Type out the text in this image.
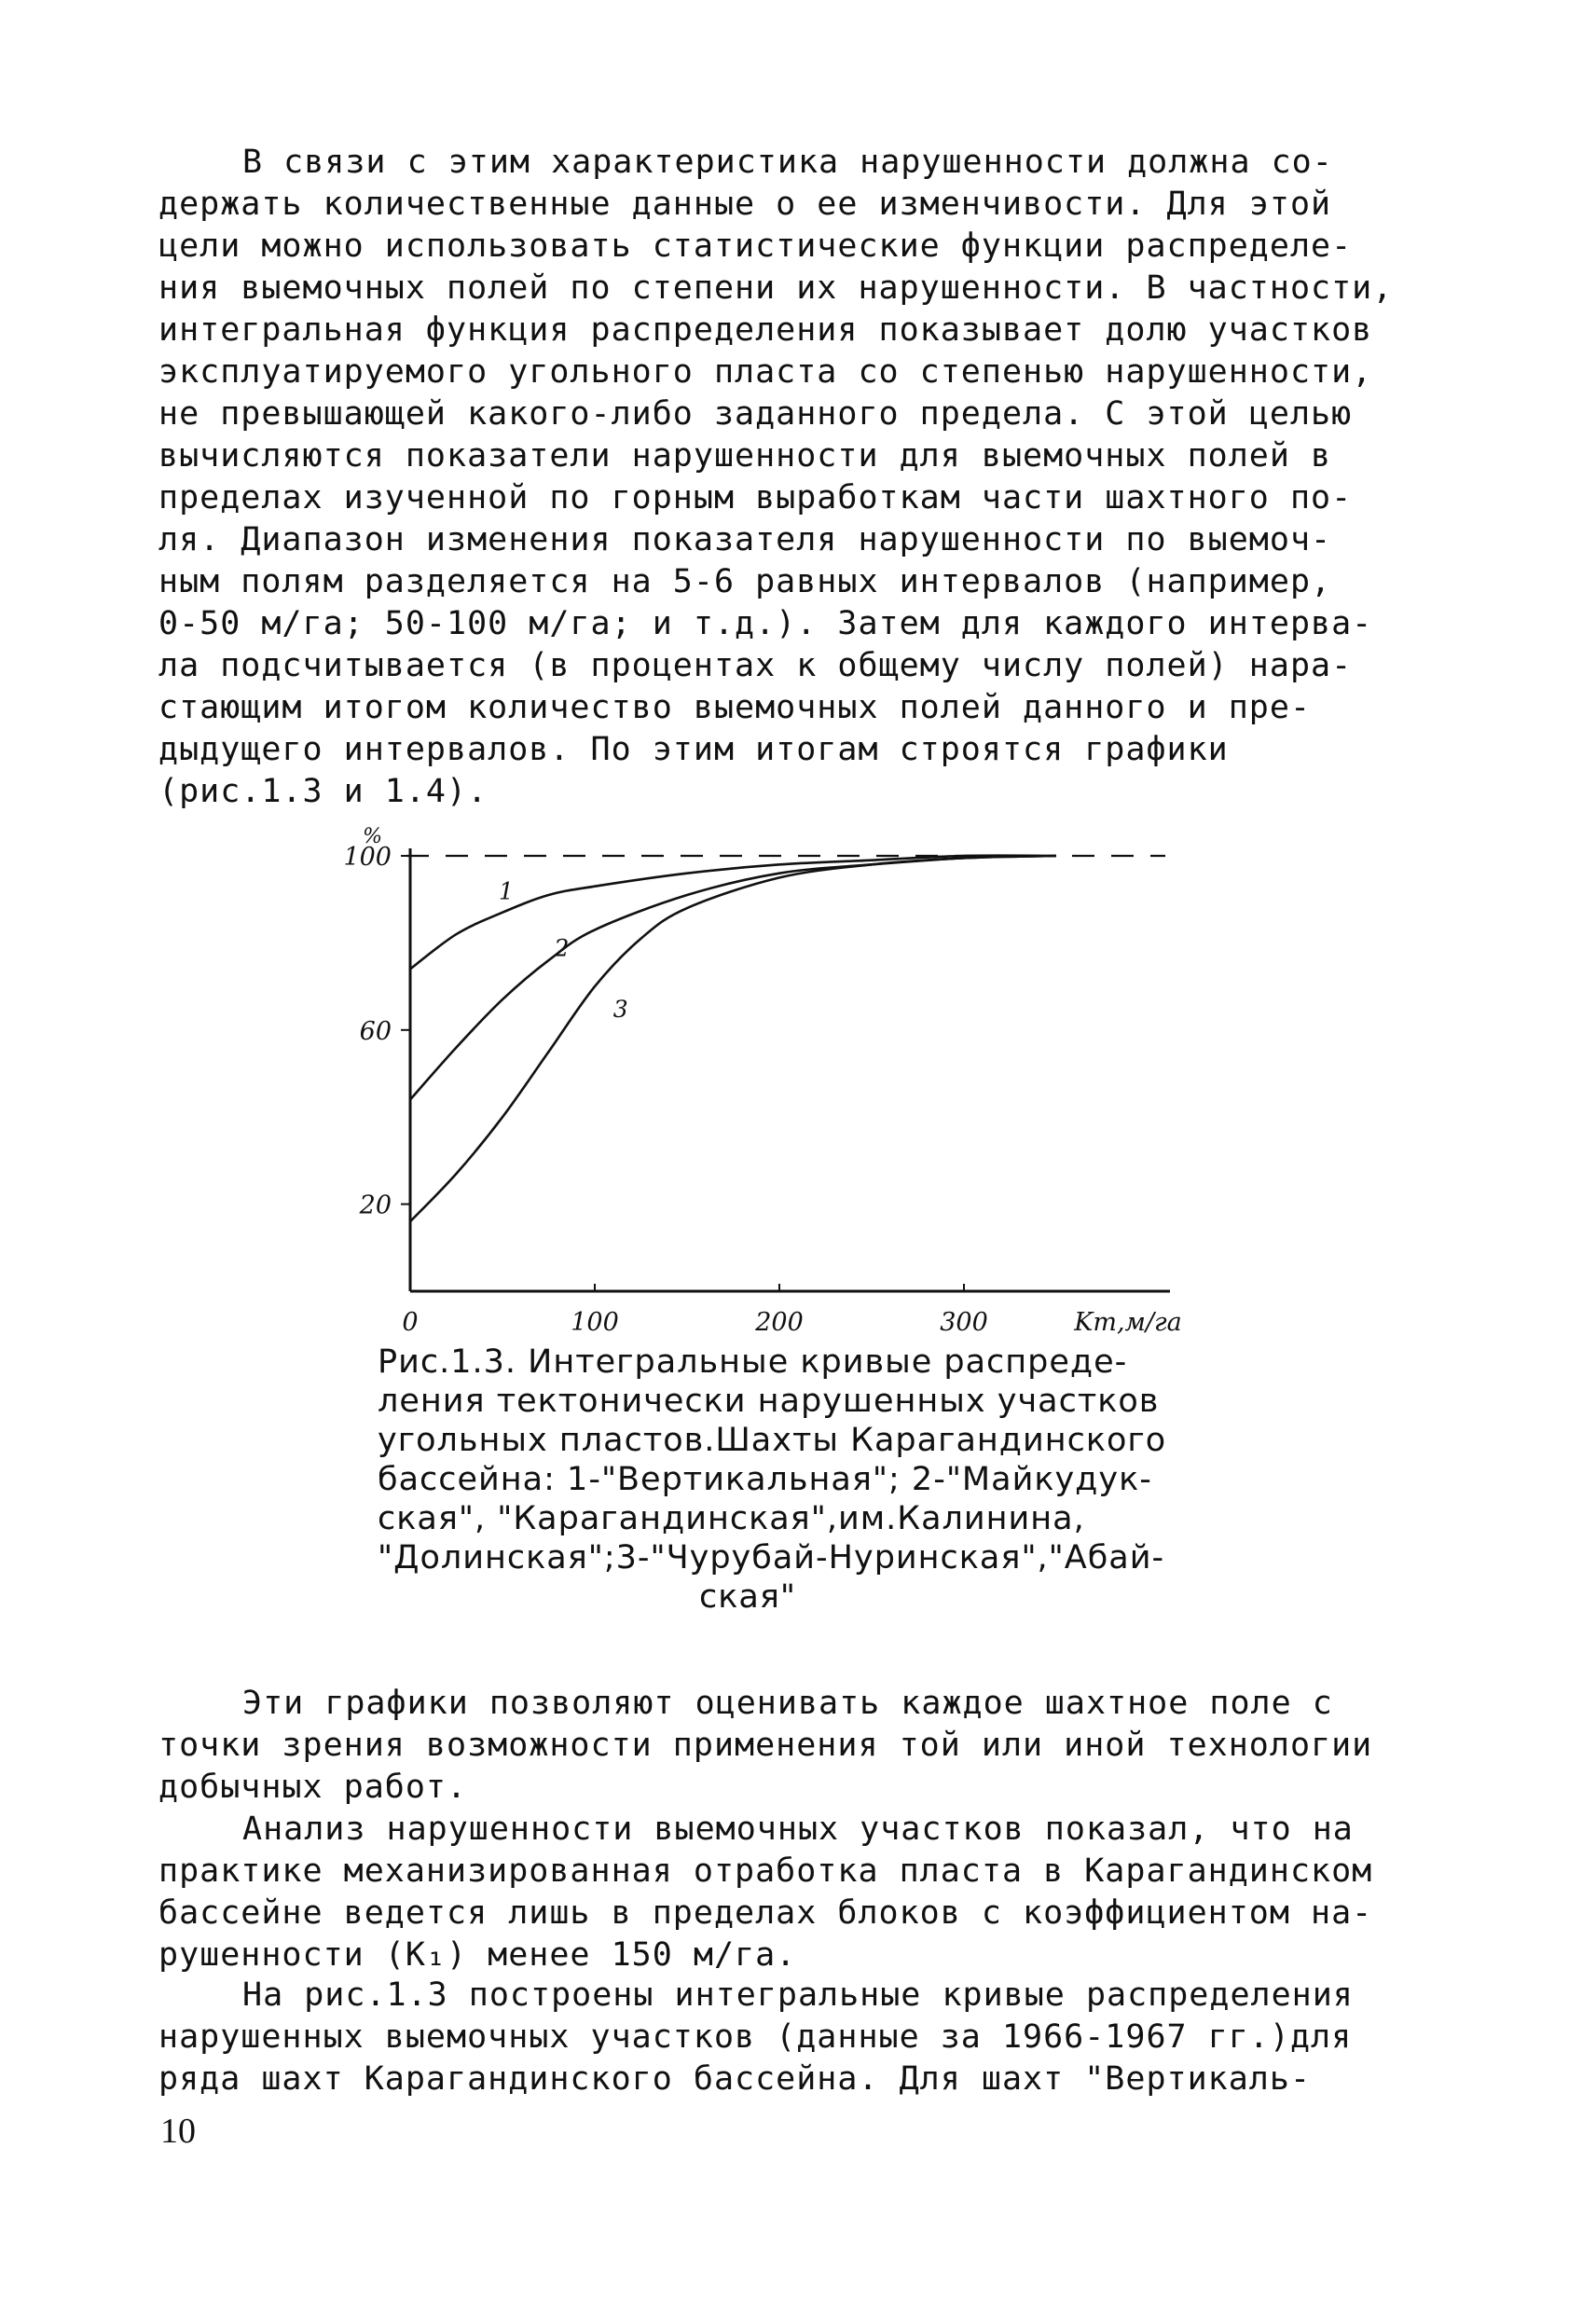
В связи с этим характеристика нарушенности должна со-
держать количественные данные о ее изменчивости. Для этой
цели можно использовать статистические функции распределе-
ния выемочных полей по степени их нарушенности. В частности,
интегральная функция распределения показывает долю участков
эксплуатируемого угольного пласта со степенью нарушенности,
не превышающей какого-либо заданного предела. С этой целью
вычисляются показатели нарушенности для выемочных полей в
пределах изученной по горным выработкам части шахтного по-
ля. Диапазон изменения показателя нарушенности по выемоч-
ным полям разделяется на 5-6 равных интервалов (например,
0-50 м/га; 50-100 м/га; и т.д.). Затем для каждого интерва-
ла подсчитывается (в процентах к общему числу полей) нара-
стающим итогом количество выемочных полей данного и пре-
дыдущего интервалов. По этим итогам строятся графики
(рис.1.3 и 1.4).
20
60
100
%
0	100	200	300	Kт,м/га
1
2
3
Рис.1.3. Интегральные кривые распреде-
ления тектонически нарушенных участков
угольных пластов.Шахты Карагандинского
бассейна: 1-"Вертикальная"; 2-"Майкудук-
ская", "Карагандинская",им.Калинина,
"Долинская";3-"Чурубай-Нуринская","Абай-
ская"
Эти графики позволяют оценивать каждое шахтное поле с
точки зрения возможности применения той или иной технологии
добычных работ.
Анализ нарушенности выемочных участков показал, что на
практике механизированная отработка пласта в Карагандинском
бассейне ведется лишь в пределах блоков с коэффициентом на-
рушенности (К₁) менее 150 м/га.
На рис.1.3 построены интегральные кривые распределения
нарушенных выемочных участков (данные за 1966-1967 гг.)для
ряда шахт Карагандинского бассейна. Для шахт "Вертикаль-
10
